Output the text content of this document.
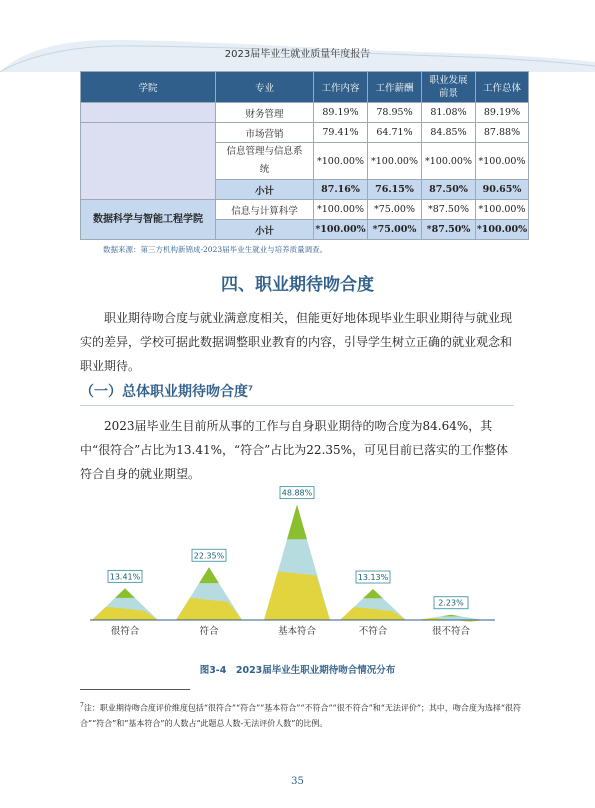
2023届毕业生就业质量年度报告
学院	专业	工作内容	工作薪酬	职业发展前景	工作总体
	财务管理	89.19%	78.95%	81.08%	89.19%
	市场营销	79.41%	64.71%	84.85%	87.88%
	信息管理与信息系统	*100.00%	*100.00%	*100.00%	*100.00%
	小计	87.16%	76.15%	87.50%	90.65%
数据科学与智能工程学院	信息与计算科学	*100.00%	*75.00%	*87.50%	*100.00%
	小计	*100.00%	*75.00%	*87.50%	*100.00%
数据来源：第三方机构新锦成-2023届毕业生就业与培养质量调查。
四、职业期待吻合度
职业期待吻合度与就业满意度相关，但能更好地体现毕业生职业期待与就业现实的差异，学校可据此数据调整职业教育的内容，引导学生树立正确的就业观念和职业期待。
（一）总体职业期待吻合度$^7$
2023届毕业生目前所从事的工作与自身职业期待的吻合度为84.64%，其中“很符合”占比为13.41%，“符合”占比为22.35%，可见目前已落实的工作整体符合自身的就业期望。
13.41%
很符合
22.35%
符合
48.88%
基本符合
13.13%
不符合
2.23%
很不符合
图3-4　2023届毕业生职业期待吻合情况分布
$^7$注：职业期待吻合度评价维度包括“很符合”“符合”“基本符合”“不符合”“很不符合”和“无法评价”；其中，吻合度为选择“很符合”“符合”和“基本符合”的人数占“此题总人数-无法评价人数”的比例。
35
